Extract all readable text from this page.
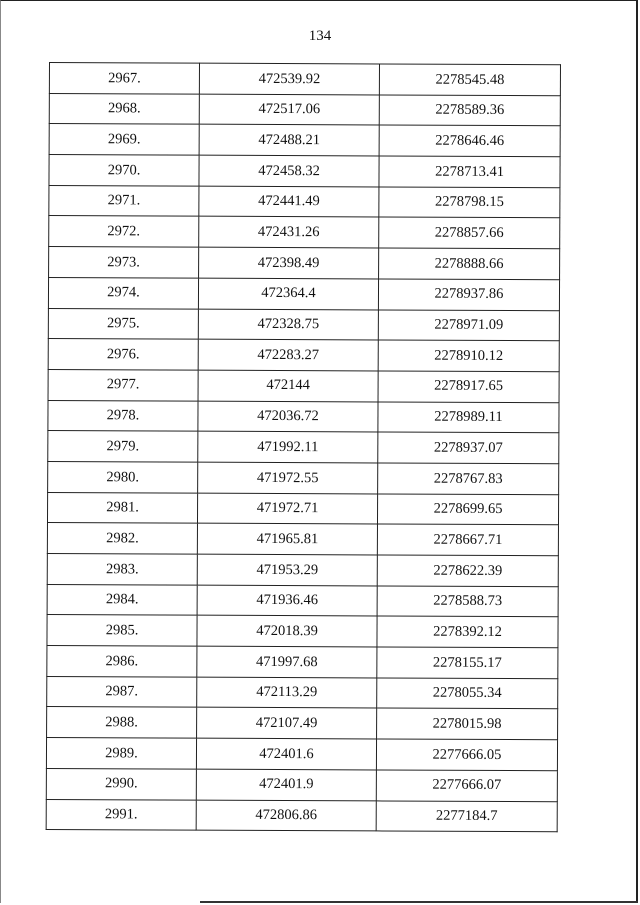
134
2967.	472539.92	2278545.48
2968.	472517.06	2278589.36
2969.	472488.21	2278646.46
2970.	472458.32	2278713.41
2971.	472441.49	2278798.15
2972.	472431.26	2278857.66
2973.	472398.49	2278888.66
2974.	472364.4	2278937.86
2975.	472328.75	2278971.09
2976.	472283.27	2278910.12
2977.	472144	2278917.65
2978.	472036.72	2278989.11
2979.	471992.11	2278937.07
2980.	471972.55	2278767.83
2981.	471972.71	2278699.65
2982.	471965.81	2278667.71
2983.	471953.29	2278622.39
2984.	471936.46	2278588.73
2985.	472018.39	2278392.12
2986.	471997.68	2278155.17
2987.	472113.29	2278055.34
2988.	472107.49	2278015.98
2989.	472401.6	2277666.05
2990.	472401.9	2277666.07
2991.	472806.86	2277184.7
